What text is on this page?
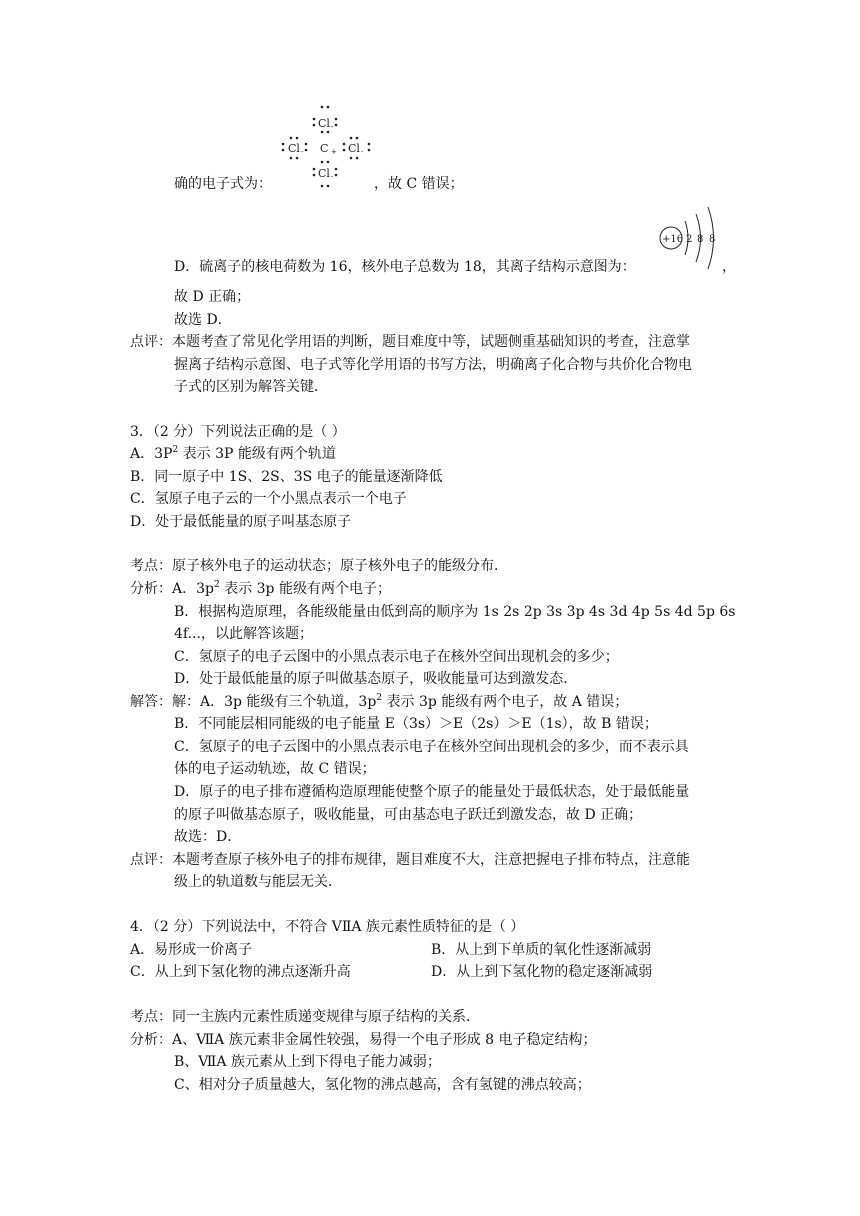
Cl
Cl C Cl
Cl
+
-
-	-
-
确的电子式为：	，故 C 错误；
+16 2 8 8
D．硫离子的核电荷数为 16，核外电子总数为 18，其离子结构示意图为：	，
故 D 正确；
故选 D．
点评：本题考查了常见化学用语的判断，题目难度中等，试题侧重基础知识的考查，注意掌
握离子结构示意图、电子式等化学用语的书写方法，明确离子化合物与共价化合物电
子式的区别为解答关键．
3．（2 分）下列说法正确的是（ ）
A．$3P^2$ 表示 3P 能级有两个轨道
B．同一原子中 1S、2S、3S 电子的能量逐渐降低
C．氢原子电子云的一个小黑点表示一个电子
D．处于最低能量的原子叫基态原子
考点：原子核外电子的运动状态；原子核外电子的能级分布．
分析：A．$3p^2$ 表示 3p 能级有两个电子；
B．根据构造原理，各能级能量由低到高的顺序为 1s 2s 2p 3s 3p 4s 3d 4p 5s 4d 5p 6s
4f...，以此解答该题；
C．氢原子的电子云图中的小黑点表示电子在核外空间出现机会的多少；
D．处于最低能量的原子叫做基态原子，吸收能量可达到激发态．
解答：解：A．3p 能级有三个轨道，$3p^2$ 表示 3p 能级有两个电子，故 A 错误；
B．不同能层相同能级的电子能量 E（3s）＞E（2s）＞E（1s），故 B 错误；
C．氢原子的电子云图中的小黑点表示电子在核外空间出现机会的多少，而不表示具
体的电子运动轨迹，故 C 错误；
D．原子的电子排布遵循构造原理能使整个原子的能量处于最低状态，处于最低能量
的原子叫做基态原子，吸收能量，可由基态电子跃迁到激发态，故 D 正确；
故选：D．
点评：本题考查原子核外电子的排布规律，题目难度不大，注意把握电子排布特点，注意能
级上的轨道数与能层无关．
4．（2 分）下列说法中，不符合 VⅡA 族元素性质特征的是（ ）
A．易形成一价离子	B．从上到下单质的氧化性逐渐减弱
C．从上到下氢化物的沸点逐渐升高	D．从上到下氢化物的稳定逐渐减弱
考点：同一主族内元素性质递变规律与原子结构的关系．
分析：A、ⅦA 族元素非金属性较强，易得一个电子形成 8 电子稳定结构；
B、ⅦA 族元素从上到下得电子能力减弱；
C、相对分子质量越大，氢化物的沸点越高，含有氢键的沸点较高；
